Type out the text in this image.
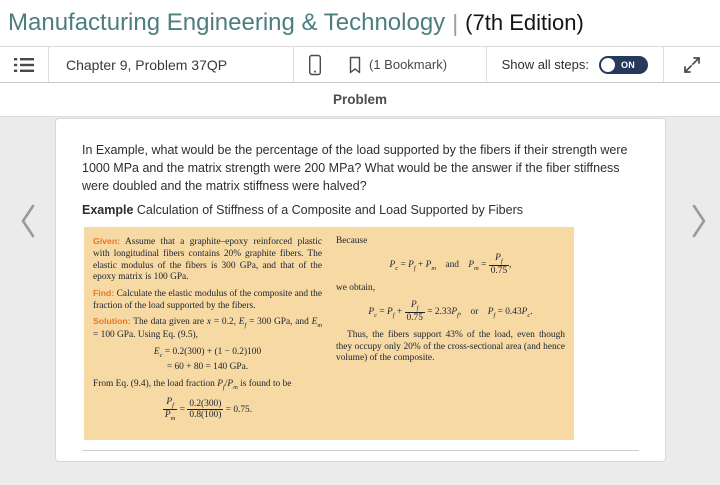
Manufacturing Engineering & Technology | (7th Edition)
Chapter 9, Problem 37QP	(1 Bookmark)	Show all steps:	ON
Problem

In Example, what would be the percentage of the load supported by the fibers if their strength were 1000 MPa and the matrix strength were 200 MPa? What would be the answer if the fiber stiffness were doubled and the matrix stiffness were halved?

Example Calculation of Stiffness of a Composite and Load Supported by Fibers

Given: Assume that a graphite–epoxy reinforced plastic with longitudinal fibers contains 20% graphite fibers. The elastic modulus of the fibers is 300 GPa, and that of the epoxy matrix is 100 GPa.

Find: Calculate the elastic modulus of the composite and the fraction of the load supported by the fibers.

Solution: The data given are x = 0.2, $E_f = 300$ GPa, and $E_m = 100$ GPa. Using Eq. (9.5),

$E_c = 0.2(300) + (1 - 0.2)100$
= 60 + 80 = 140 GPa.

From Eq. (9.4), the load fraction $P_f/P_m$ is found to be

$\frac{P_f}{P_m} = \frac{0.2(300)}{0.8(100)} = 0.75$.

Because

$P_c = P_f + P_m$ and $P_m = \frac{P_f}{0.75}$ ,

we obtain,

$P_c = P_f + \frac{P_f}{0.75} = 2.33P_f$, or $P_f = 0.43P_c$.

Thus, the fibers support 43% of the load, even though they occupy only 20% of the cross-sectional area (and hence volume) of the composite.
